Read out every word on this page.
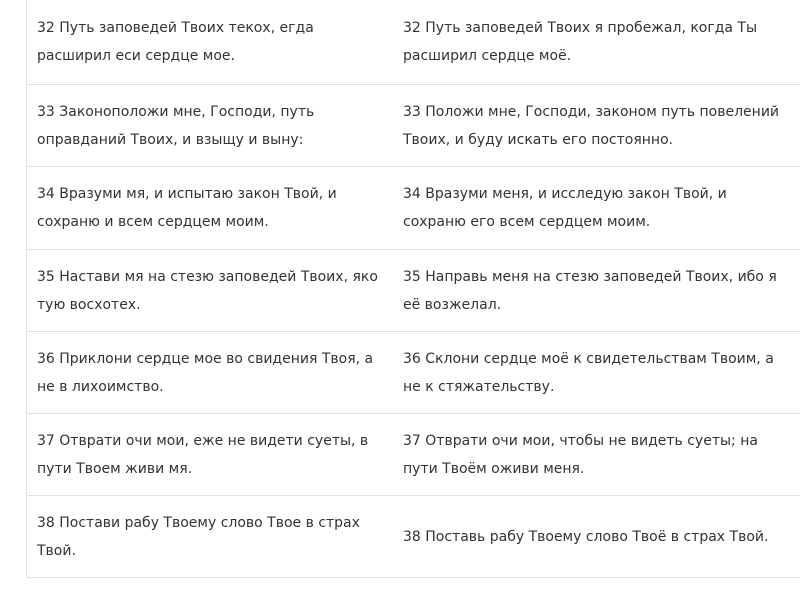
32 Путь заповедей Твоих текох, егда расширил еси сердце мое.
32 Путь заповедей Твоих я пробежал, когда Ты расширил сердце моё.
33 Законоположи мне, Господи, путь оправданий Твоих, и взыщу и выну:
33 Положи мне, Господи, законом путь повелений Твоих, и буду искать его постоянно.
34 Вразуми мя, и испытаю закон Твой, и сохраню и всем сердцем моим.
34 Вразуми меня, и исследую закон Твой, и сохраню его всем сердцем моим.
35 Настави мя на стезю заповедей Твоих, яко тую восхотех.
35 Направь меня на стезю заповедей Твоих, ибо я её возжелал.
36 Приклони сердце мое во свидения Твоя, а не в лихоимство.
36 Склони сердце моё к свидетельствам Твоим, а не к стяжательству.
37 Отврати очи мои, еже не видети суеты, в пути Твоем живи мя.
37 Отврати очи мои, чтобы не видеть суеты; на пути Твоём оживи меня.
38 Постави рабу Твоему слово Твое в страх Твой.
38 Поставь рабу Твоему слово Твоё в страх Твой.
